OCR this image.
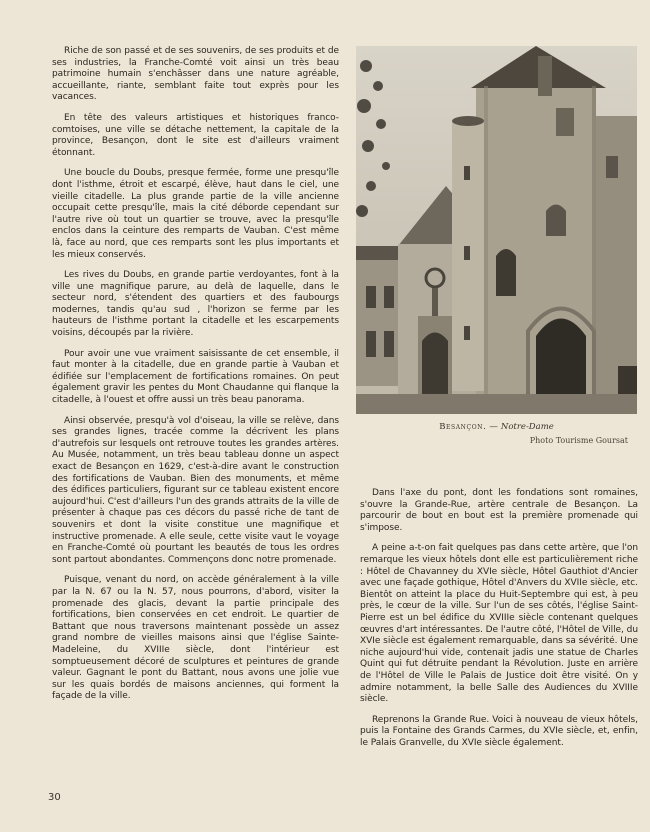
Riche de son passé et de ses souvenirs, de ses produits et de ses industries, la Franche-Comté voit ainsi un très beau patrimoine humain s'enchâsser dans une nature agréable, accueillante, riante, semblant faite tout exprès pour les vacances.

En tête des valeurs artistiques et historiques franco-comtoises, une ville se détache nettement, la capitale de la province, Besançon, dont le site est d'ailleurs vraiment étonnant.

Une boucle du Doubs, presque fermée, forme une presqu'île dont l'isthme, étroit et escarpé, élève, haut dans le ciel, une vieille citadelle. La plus grande partie de la ville ancienne occupait cette presqu'île, mais la cité déborde cependant sur l'autre rive où tout un quartier se trouve, avec la presqu'île enclos dans la ceinture des remparts de Vauban. C'est même là, face au nord, que ces remparts sont les plus importants et les mieux conservés.

Les rives du Doubs, en grande partie verdoyantes, font à la ville une magnifique parure, au delà de laquelle, dans le secteur nord, s'étendent des quartiers et des faubourgs modernes, tandis qu'au sud , l'horizon se ferme par les hauteurs de l'isthme portant la citadelle et les escarpements voisins, découpés par la rivière.

Pour avoir une vue vraiment saisissante de cet ensemble, il faut monter à la citadelle, due en grande partie à Vauban et édifiée sur l'emplacement de fortifications romaines. On peut également gravir les pentes du Mont Chaudanne qui flanque la citadelle, à l'ouest et offre aussi un très beau panorama.

Ainsi observée, presqu'à vol d'oiseau, la ville se relève, dans ses grandes lignes, tracée comme la décrivent les plans d'autrefois sur lesquels ont retrouve toutes les grandes artères. Au Musée, notamment, un très beau tableau donne un aspect exact de Besançon en 1629, c'est-à-dire avant le construction des fortifications de Vauban. Bien des monuments, et même des édifices particuliers, figurant sur ce tableau existent encore aujourd'hui. C'est d'ailleurs l'un des grands attraits de la ville de présenter à chaque pas ces décors du passé riche de tant de souvenirs et dont la visite constitue une magnifique et instructive promenade. A elle seule, cette visite vaut le voyage en Franche-Comté où pourtant les beautés de tous les ordres sont partout abondantes. Commençons donc notre promenade.

Puisque, venant du nord, on accède généralement à la ville par la N. 67 ou la N. 57, nous pourrons, d'abord, visiter la promenade des glacis, devant la partie principale des fortifications, bien conservées en cet endroit. Le quartier de Battant que nous traversons maintenant possède un assez grand nombre de vieilles maisons ainsi que l'église Sainte-Madeleine, du XVIIIe siècle, dont l'intérieur est somptueusement décoré de sculptures et peintures de grande valeur. Gagnant le pont du Battant, nous avons une jolie vue sur les quais bordés de maisons anciennes, qui forment la façade de la ville.

Besançon. — Notre-Dame
Photo Tourisme Goursat

Dans l'axe du pont, dont les fondations sont romaines, s'ouvre la Grande-Rue, artère centrale de Besançon. La parcourir de bout en bout est la première promenade qui s'impose.

A peine a-t-on fait quelques pas dans cette artère, que l'on remarque les vieux hôtels dont elle est particulièrement riche : Hôtel de Chavanney du XVIe siècle, Hôtel Gauthiot d'Ancier avec une façade gothique, Hôtel d'Anvers du XVIIe siècle, etc. Bientôt on atteint la place du Huit-Septembre qui est, à peu près, le cœur de la ville. Sur l'un de ses côtés, l'église Saint-Pierre est un bel édifice du XVIIIe siècle contenant quelques œuvres d'art intéressantes. De l'autre côté, l'Hôtel de Ville, du XVIe siècle est également remarquable, dans sa sévérité. Une niche aujourd'hui vide, contenait jadis une statue de Charles Quint qui fut détruite pendant la Révolution. Juste en arrière de l'Hôtel de Ville le Palais de Justice doit être visité. On y admire notamment, la belle Salle des Audiences du XVIIIe siècle.

Reprenons la Grande Rue. Voici à nouveau de vieux hôtels, puis la Fontaine des Grands Carmes, du XVIe siècle, et, enfin, le Palais Granvelle, du XVIe siècle également.

30
